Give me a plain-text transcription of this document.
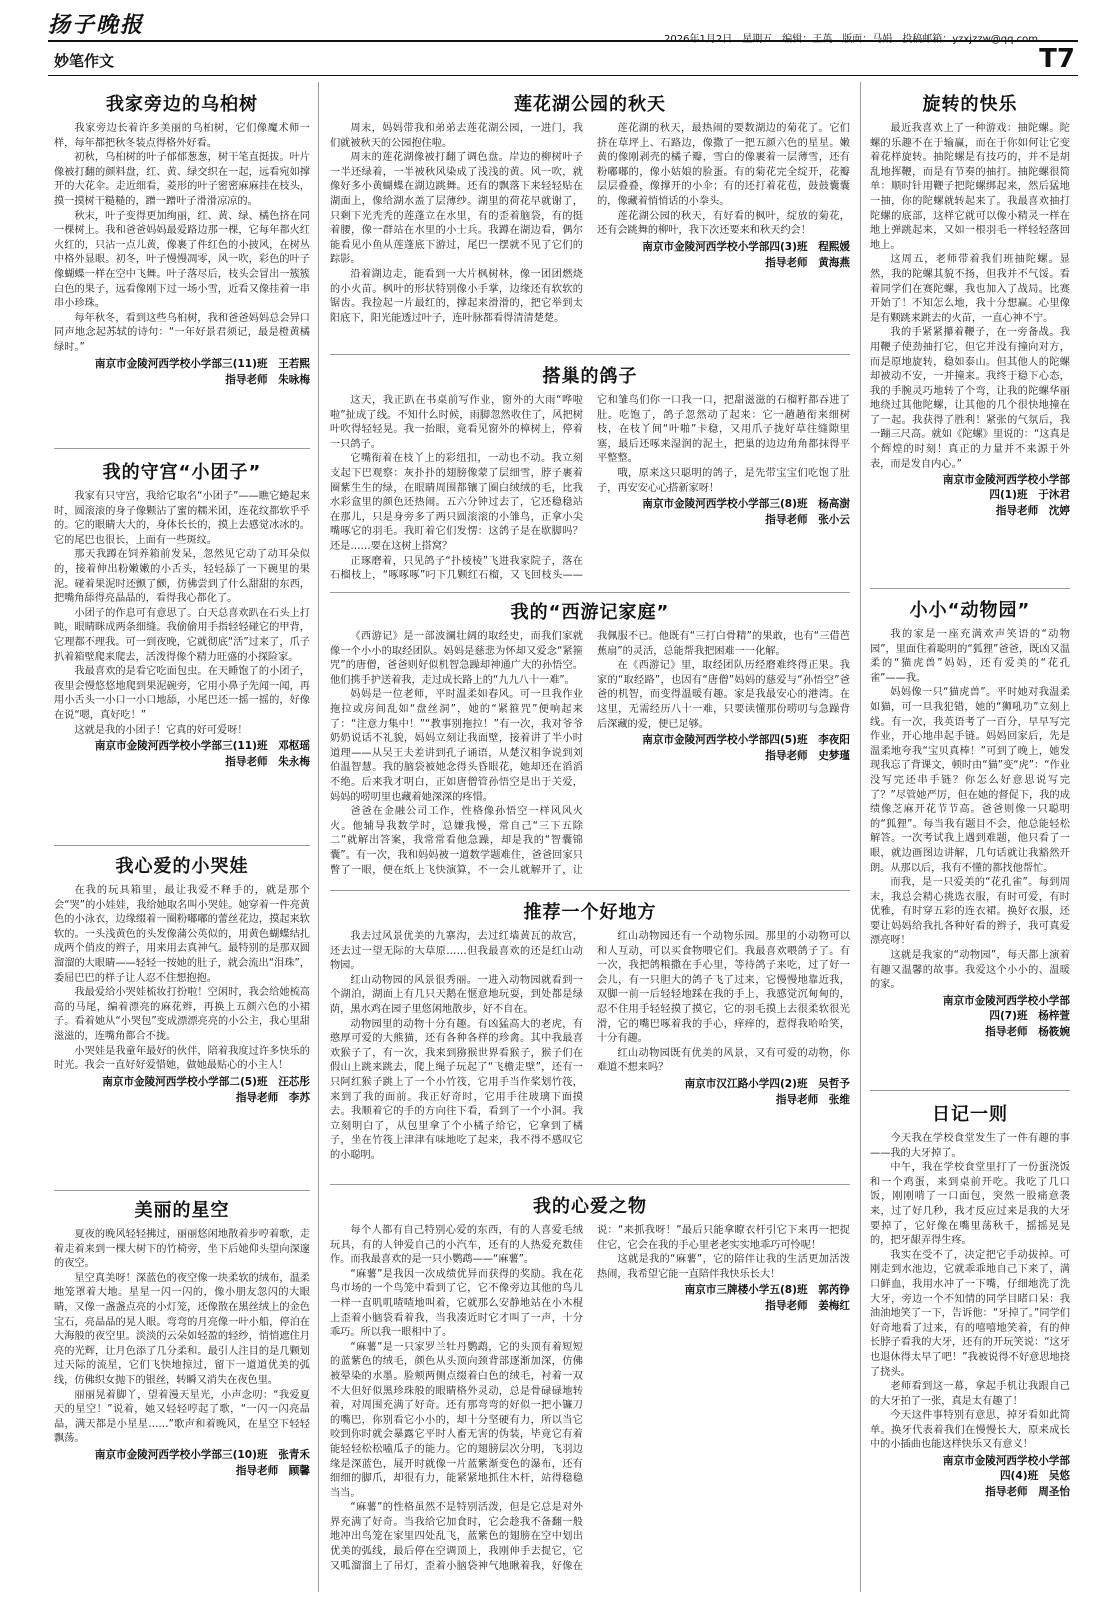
扬子晚报
妙笔作文	T7
我家旁边的乌桕树

我家旁边长着许多美丽的乌桕树，它们像魔术师一样，每年都把秋冬装点得格外好看。

初秋，乌桕树的叶子郁郁葱葱，树干笔直挺拔。叶片像被打翻的颜料盘，红、黄、绿交织在一起，远看宛如撑开的大花伞。走近细看，菱形的叶子密密麻麻挂在枝头，摸一摸树干糙糙的，蹭一蹭叶子滑滑凉凉的。

秋末，叶子变得更加绚丽，红、黄、绿、橘色挤在同一棵树上。我和爸爸妈妈最爱路边那一棵，它每年都火红火红的，只沾一点儿黄，像裹了件红色的小披风，在树丛中格外显眼。初冬，叶子慢慢凋零，风一吹，彩色的叶子像蝴蝶一样在空中飞舞。叶子落尽后，枝头会冒出一簇簇白色的果子，远看像刚下过一场小雪，近看又像挂着一串串小珍珠。

每年秋冬，看到这些乌桕树，我和爸爸妈妈总会异口同声地念起苏轼的诗句：“一年好景君须记，最是橙黄橘绿时。”

南京市金陵河西学校小学部三(11)班　王若熙
指导老师　朱咏梅
我的守宫“小团子”

我家有只守宫，我给它取名“小团子”——瞧它蜷起来时，圆滚滚的身子像颗沾了蜜的糯米团，连花纹都软乎乎的。它的眼睛大大的，身体长长的，摸上去感觉冰冰的。它的尾巴也很长，上面有一些斑纹。

那天我蹲在饲养箱前发呆，忽然见它动了动耳朵似的，接着伸出粉嫩嫩的小舌头，轻轻舔了一下碗里的果泥。碰着果泥时还颤了颤，仿佛尝到了什么甜甜的东西，把嘴角舔得亮晶晶的，看得我心都化了。

小团子的作息可有意思了。白天总喜欢趴在石头上打盹，眼睛眯成两条细缝。我偷偷用手指轻轻碰它的甲背，它理都不理我。可一到夜晚，它就彻底“活”过来了，爪子扒着箱壁爬来爬去，活泼得像个精力旺盛的小探险家。

我最喜欢的是看它吃面包虫。在天睡饱了的小团子，夜里会慢悠悠地爬到果泥碗旁，它用小鼻子先闻一闻，再用小舌头一小口一小口地舔，小尾巴还一摇一摇的，好像在说“嗯，真好吃！”

这就是我的小团子！它真的好可爱呀！

南京市金陵河西学校小学部三(11)班　邓枢瑶
指导老师　朱永梅
我心爱的小哭娃

在我的玩具箱里，最让我爱不释手的，就是那个会“哭”的小娃娃，我给她取名叫小哭娃。她穿着一件亮黄色的小泳衣，边缘缀着一圈粉嘟嘟的蕾丝花边，摸起来软软的。一头浅黄色的头发像蒲公英似的，用黄色蝴蝶结扎成两个俏皮的辫子，用来用去真神气。最特别的是那双圆溜溜的大眼睛——轻轻一按她的肚子，就会流出“泪珠”，委屈巴巴的样子让人忍不住想抱抱。

我最爱给小哭娃梳妆打扮啦！空闲时，我会给她梳高高的马尾，编着漂亮的麻花辫，再换上五颜六色的小裙子。看着她从“小哭包”变成漂漂亮亮的小公主，我心里甜滋滋的，连嘴角都合不拢。

小哭娃是我童年最好的伙伴，陪着我度过许多快乐的时光。我会一直好好爱惜她，做她最贴心的小主人！

南京市金陵河西学校小学部二(5)班　汪芯彤
指导老师　李苏
美丽的星空

夏夜的晚风轻轻拂过，丽丽悠闲地散着步哼着歌，走着走着来到一棵大树下的竹椅旁，坐下后她仰头望向深邃的夜空。

星空真美呀！深蓝色的夜空像一块柔软的绒布，温柔地笼罩着大地。星星一闪一闪的，像小朋友忽闪的大眼睛，又像一盏盏点亮的小灯笼，还像散在黑丝绒上的金色宝石，亮晶晶的晃人眼。弯弯的月亮像一叶小船，停泊在大海般的夜空里。淡淡的云朵如轻盈的轻纱，悄悄遮住月亮的光辉，让月色添了几分柔和。最引人注目的是几颗划过天际的流星，它们飞快地掠过，留下一道道优美的弧线，仿佛织女抛下的银丝，转瞬又消失在夜色里。

丽丽晃着脚丫，望着漫天星光，小声念叨：“我爱夏天的星空！”说着，她又轻轻哼起了歌，“一闪一闪亮晶晶，满天都是小星星……”歌声和着晚风，在星空下轻轻飘荡。

南京市金陵河西学校小学部三(10)班　张青禾
指导老师　顾馨
莲花湖公园的秋天

周末，妈妈带我和弟弟去莲花湖公园，一进门，我们就被秋天的公园抱住啦。

周末的莲花湖像被打翻了调色盘。岸边的柳树叶子一半还绿着，一半被秋风染成了浅浅的黄。风一吹，就像好多小黄蝴蝶在湖边跳舞。还有的飘落下来轻轻贴在湖面上，像给湖水盖了层薄纱。湖里的荷花早就谢了，只剩下光秃秃的莲蓬立在水里，有的歪着脑袋，有的挺着腰，像一群站在水里的小士兵。我蹲在湖边看，偶尔能看见小鱼从莲蓬底下游过，尾巴一摆就不见了它们的踪影。

沿着湖边走，能看到一大片枫树林，像一团团燃烧的小火苗。枫叶的形状特别像小手掌，边缘还有软软的锯齿。我捡起一片最红的，撑起来滑滑的，把它举到太阳底下，阳光能透过叶子，连叶脉都看得清清楚楚。

莲花湖的秋天，最热闹的要数湖边的菊花了。它们挤在草坪上、石路边，像撒了一把五颜六色的星星。嫩黄的像刚剥壳的橘子瓣，雪白的像裹着一层薄雪，还有粉嘟嘟的，像小姑娘的脸蛋。有的菊花完全绽开，花瓣层层叠叠，像撑开的小伞；有的还打着花苞，鼓鼓囊囊的，像藏着悄悄话的小拳头。

莲花湖公园的秋天，有好看的枫叶，绽放的菊花，还有会跳舞的柳叶，我下次还要来和秋天约会！

南京市金陵河西学校小学部四(3)班　程熙媛
指导老师　黄海燕
搭巢的鸽子

这天，我正趴在书桌前写作业，窗外的大雨“哗啦啦”扯成了线。不知什么时候，雨脚忽然收住了，风把树叶吹得轻轻晃。我一抬眼，竟看见窗外的樟树上，停着一只鸽子。

它嘴衔着在枝丫上的彩纽扣，一动也不动。我立刻支起下巴观察：灰扑扑的翅膀像蒙了层细雪，脖子裹着圈紫生生的绿，在眼睛周围都镶了圈白绒绒的毛，比我水彩盒里的颜色还热闹。五六分钟过去了，它还稳稳站在那儿，只是身旁多了两只圆滚滚的小雏鸟，正拿小尖嘴啄它的羽毛。我盯着它们发愣：这鸽子是在歇脚吗？还是……要在这树上搭窝？

正琢磨着，只见鸽子“扑棱棱”飞进我家院子，落在石榴枝上，“啄啄啄”叼下几颗红石榴，又飞回枝头——它和雏鸟们你一口我一口，把甜滋滋的石榴籽都吞进了肚。吃饱了，鸽子忽然动了起来：它一趟趟衔来细树枝，在枝丫间“叶啪”卡稳，又用爪子拢好草往缝隙里塞，最后还啄来湿润的泥土，把巢的边边角角都抹得平平整整。

哦，原来这只聪明的鸽子，是先带宝宝们吃饱了肚子，再安安心心搭新家呀！

南京市金陵河西学校小学部三(8)班　杨高澍
指导老师　张小云
我的“西游记家庭”

《西游记》是一部波澜壮阔的取经史，而我们家就像一个小小的取经团队。妈妈是慈悲为怀却又爱念“紧箍咒”的唐僧，爸爸则好似机智急躁却神通广大的孙悟空。他们携手护送着我，走过成长路上的“九九八十一难”。

妈妈是一位老师，平时温柔如春风。可一旦我作业拖拉或房间乱如“盘丝洞”，她的“紧箍咒”便响起来了：“注意力集中！”“教事别拖拉！”有一次，我对爷爷奶奶说话不礼貌，妈妈立刻让我面壁，接着讲了半小时道理——从吴王夫差讲到孔子诵语，从楚汉相争说到刘伯温智慧。我的脑袋被她念得头昏眼花，她却还在滔滔不绝。后来我才明白，正如唐僧管孙悟空是出于关爱，妈妈的唠叨里也藏着她深深的疼惜。

爸爸在金融公司工作，性格像孙悟空一样风风火火。他辅导我数学时，总嫌我慢，常自己“三下五除二”就解出答案，我常常看他急躁，却是我的“智囊锦囊”。有一次，我和妈妈被一道数学题难住，爸爸回家只瞥了一眼，便在纸上飞快演算，不一会儿就解开了，让我佩服不已。他既有“三打白骨精”的果敢，也有“三借芭蕉扇”的灵活，总能帮我把困难一一化解。

在《西游记》里，取经团队历经磨难终得正果。我家的“取经路”，也因有“唐僧”妈妈的慈爱与“孙悟空”爸爸的机智，而变得温暖有趣。家是我最安心的港湾。在这里，无需经历八十一难，只要读懂那份唠叨与急躁背后深藏的爱，便已足够。

南京市金陵河西学校小学部四(5)班　李夜阳
指导老师　史梦瑾
推荐一个好地方

我去过风景优美的九寨沟，去过红墙黄瓦的故宫，还去过一望无际的大草原……但我最喜欢的还是红山动物园。

红山动物园的风景很秀丽。一进入动物园就看到一个湖泊，湖面上有几只天鹅在惬意地玩耍，到处都是绿荫，黑水鸡在园子里悠闲地散步，好不自在。

动物园里的动物十分有趣。有凶猛高大的老虎，有憨厚可爱的大熊猫，还有各种各样的珍禽。其中我最喜欢猴子了，有一次，我来到猕猴世界看猴子，猴子们在假山上跳来跳去，爬上绳子玩起了“飞檐走壁”，还有一只阿红猴子跳上了一个小竹筏，它用手当作桨划竹筏，来到了我的面前。我正好奇时，它用手往玻璃下面摸去。我顺着它的手的方向往下看，看到了一个小洞。我立刻明白了，从包里拿了个小橘子给它，它拿到了橘子，坐在竹筏上津津有味地吃了起来，我不得不感叹它的小聪明。

红山动物园还有一个动物乐园。那里的小动物可以和人互动，可以买食物喂它们。我最喜欢喂鸽子了。有一次，我把鸽粮撒在手心里，等待鸽子来吃，过了好一会儿，有一只胆大的鸽子飞了过来，它慢慢地靠近我，双脚一前一后轻轻地踩在我的手上，我感觉沉甸甸的，忍不住用手轻轻摸了摸它，它的羽毛摸上去很柔软很光滑，它的嘴巴啄着我的手心，痒痒的，惹得我哈哈笑，十分有趣。

红山动物园既有优美的风景，又有可爱的动物，你难道不想来吗？

南京市汉江路小学四(2)班　吴哲予
指导老师　张维
我的心爱之物

每个人都有自己特别心爱的东西，有的人喜爱毛绒玩具，有的人钟爱自己的小汽车，还有的人热爱充数佳作。而我最喜欢的是一只小鹦鹉——“麻薯”。

“麻薯”是我因一次成绩优异而获得的奖励。我在花鸟市场的一个鸟笼中看到了它，它不像旁边其他的鸟儿一样一直叽叽喳喳地叫着，它就那么安静地站在小木棍上歪着小脑袋看着我，当我凑近时它才叫了一声，十分乖巧。所以我一眼相中了。

“麻薯”是一只家罗兰牡丹鹦鹉，它的头顶有着短短的蓝紫色的绒毛，颜色从头顶向颈背部逐渐加深，仿佛被晕染的水墨。脸颊两侧点缀着白色的绒毛，衬着一双不大但好似黑珍珠般的眼睛格外灵动，总是骨碌碌地转着，对周围充满了好奇。还有那弯弯的好似一把小镰刀的嘴巴，你别看它小小的，却十分坚硬有力，所以当它咬到你时就会暴露它平时人畜无害的伪装，毕竟它有着能轻轻松松嗑瓜子的能力。它的翅膀层次分明，飞羽边缘是深蓝色，展开时就像一片蓝紫渐变色的瀑布，还有细细的脚爪，却很有力，能紧紧地抓住木杆，站得稳稳当当。

“麻薯”的性格虽然不是特别活泼，但是它总是对外界充满了好奇。当我给它加食时，它会趁我不备翻一般地冲出鸟笼在家里四处乱飞，蓝紫色的翅膀在空中划出优美的弧线，最后停在空调顶上，我刚伸手去捉它，它又呱溜溜上了吊灯，歪着小脑袋神气地瞅着我，好像在说：“来抓我呀！”最后只能拿瞭衣杆引它下来再一把捉住它，它会在我的手心里老老实实地乖巧可怜呢！

这就是我的“麻薯”，它的陪伴让我的生活更加活泼热闹，我希望它能一直陪伴我快乐长大！

南京市三牌楼小学五(8)班　郭芮铮
指导老师　姜梅红
旋转的快乐

最近我喜欢上了一种游戏：抽陀螺。陀螺的乐趣不在于输赢，而在于你如何让它变着花样旋转。抽陀螺是有技巧的，并不是胡乱地挥鞭，而是有节奏的抽打。抽陀螺很简单：顺时针用鞭子把陀螺绑起来，然后猛地一抽，你的陀螺就转起来了。我最喜欢抽打陀螺的底部，这样它就可以像小精灵一样在地上弹跳起来，又如一根羽毛一样轻轻落回地上。

这周五，老师带着我们班抽陀螺。显然，我的陀螺其貌不扬，但我并不气馁。看着同学们在赛陀螺，我也加入了战局。比赛开始了！不知怎么地，我十分想赢。心里像是有颗跳来跳去的火苗，一直心神不宁。

我的手紧紧攥着鞭子，在一旁备战。我用鞭子使劲抽打它，但它并没有撞向对方，而是原地旋转，稳如泰山。但其他人的陀螺却被动不安，一并撞来。我终于稳下心态，我的手腕灵巧地转了个弯，让我的陀螺华丽地绕过其他陀螺，让其他的几个很快地撞在了一起。我获得了胜利！紧张的气氛后，我一蹦三尺高。就如《陀螺》里说的：“这真是个辉煌的时刻！真正的力量并不来源于外表，而是发自内心。”

南京市金陵河西学校小学部
四(1)班　于沐君
指导老师　沈婷
小小“动物园”

我的家是一座充满欢声笑语的“动物园”，里面住着聪明的“狐狸”爸爸，既凶又温柔的“猫虎兽”妈妈，还有爱美的“花孔雀”——我。

妈妈像一只“猫虎兽”。平时她对我温柔如猫，可一旦我犯错，她的“狮吼功”立刻上线。有一次，我英语考了一百分，早早写完作业，开心地串起手链。妈妈回家后，先是温柔地夸我“宝贝真棒！”可到了晚上，她发现我忘了背课文，顿时由“猫”变“虎”：“作业没写完还串手链？你怎么好意思说写完了？”尽管她严厉，但在她的督促下，我的成绩像芝麻开花节节高。爸爸则像一只聪明的“狐狸”。每当我有题目不会，他总能轻松解答。一次考试我上遇到难题，他只看了一眼，就边画图边讲解，几句话就让我豁然开朗。从那以后，我有不懂的都找他帮忙。

而我，是一只爱美的“花孔雀”。每到周末，我总会精心挑选衣服，有时可爱，有时优雅，有时穿五彩的连衣裙。换好衣服，还要让妈妈给我扎各种好看的辫子，我可真爱漂亮呀！

这就是我家的“动物园”，每天都上演着有趣又温馨的故事。我爱这个小小的、温暖的家。

南京市金陵河西学校小学部
四(7)班　杨梓萱
指导老师　杨筱婉
日记一则

今天我在学校食堂发生了一件有趣的事——我的大牙掉了。

中午，我在学校食堂里打了一份蛋浇饭和一个鸡蛋，来到桌前开吃。我吃了几口饭，刚刚啃了一口面包，突然一股痛意袭来，过了好几秒，我才反应过来是我的大牙要掉了，它好像在嘴里荡秋千，摇摇晃晃的，把牙龈弄得生疼。

我实在受不了，决定把它手动拔掉。可刚走到水池边，它就乖乖地自己下来了，满口鲜血，我用水冲了一下嘴，仔细地洗了洗大牙，旁边一个不知情的同学目睹口呆：我油油地笑了一下，告诉他：“牙掉了。”同学们好奇地看了过来，有的嘻嘻地笑着，有的伸长脖子看我的大牙，还有的开玩笑说：“这牙也退休得太早了吧！”我被说得不好意思地挠了挠头。

老师看到这一幕，拿起手机让我跟自己的大牙拍了一张，真是太有趣了！

今天这件事特别有意思，掉牙看如此简单。换牙代表着我们在慢慢长大，原来成长中的小插曲也能这样快乐又有意义！

南京市金陵河西学校小学部
四(4)班　吴悠
指导老师　周圣怡
